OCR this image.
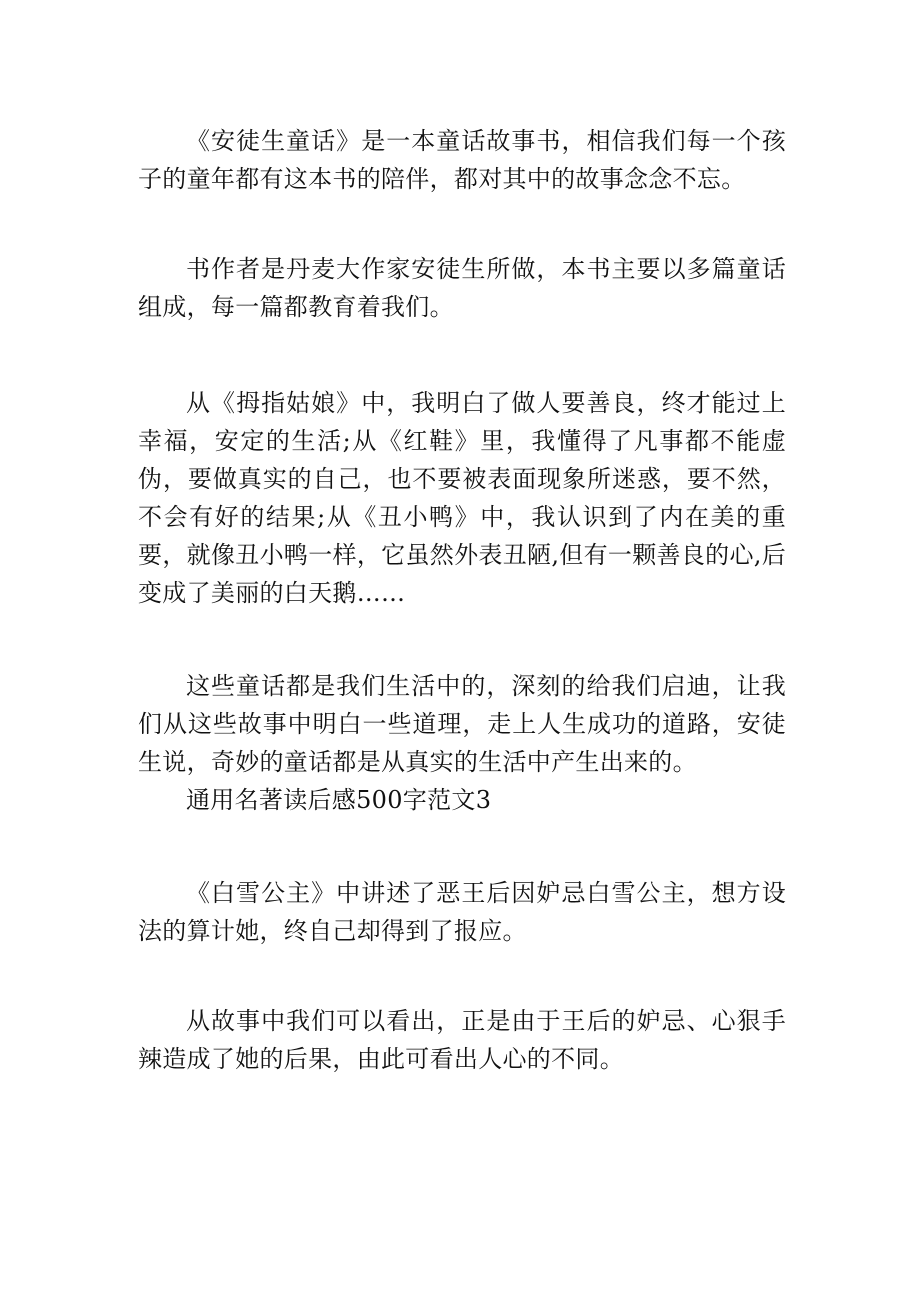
《安徒生童话》是一本童话故事书，相信我们每一个孩子的童年都有这本书的陪伴，都对其中的故事念念不忘。

书作者是丹麦大作家安徒生所做，本书主要以多篇童话组成，每一篇都教育着我们。

从《拇指姑娘》中，我明白了做人要善良，终才能过上幸福，安定的生活;从《红鞋》里，我懂得了凡事都不能虚伪，要做真实的自己，也不要被表面现象所迷惑，要不然，不会有好的结果;从《丑小鸭》中，我认识到了内在美的重要，就像丑小鸭一样，它虽然外表丑陋,但有一颗善良的心,后变成了美丽的白天鹅……

这些童话都是我们生活中的，深刻的给我们启迪，让我们从这些故事中明白一些道理，走上人生成功的道路，安徒生说，奇妙的童话都是从真实的生活中产生出来的。

通用名著读后感500字范文3

《白雪公主》中讲述了恶王后因妒忌白雪公主，想方设法的算计她，终自己却得到了报应。

从故事中我们可以看出，正是由于王后的妒忌、心狠手辣造成了她的后果，由此可看出人心的不同。
